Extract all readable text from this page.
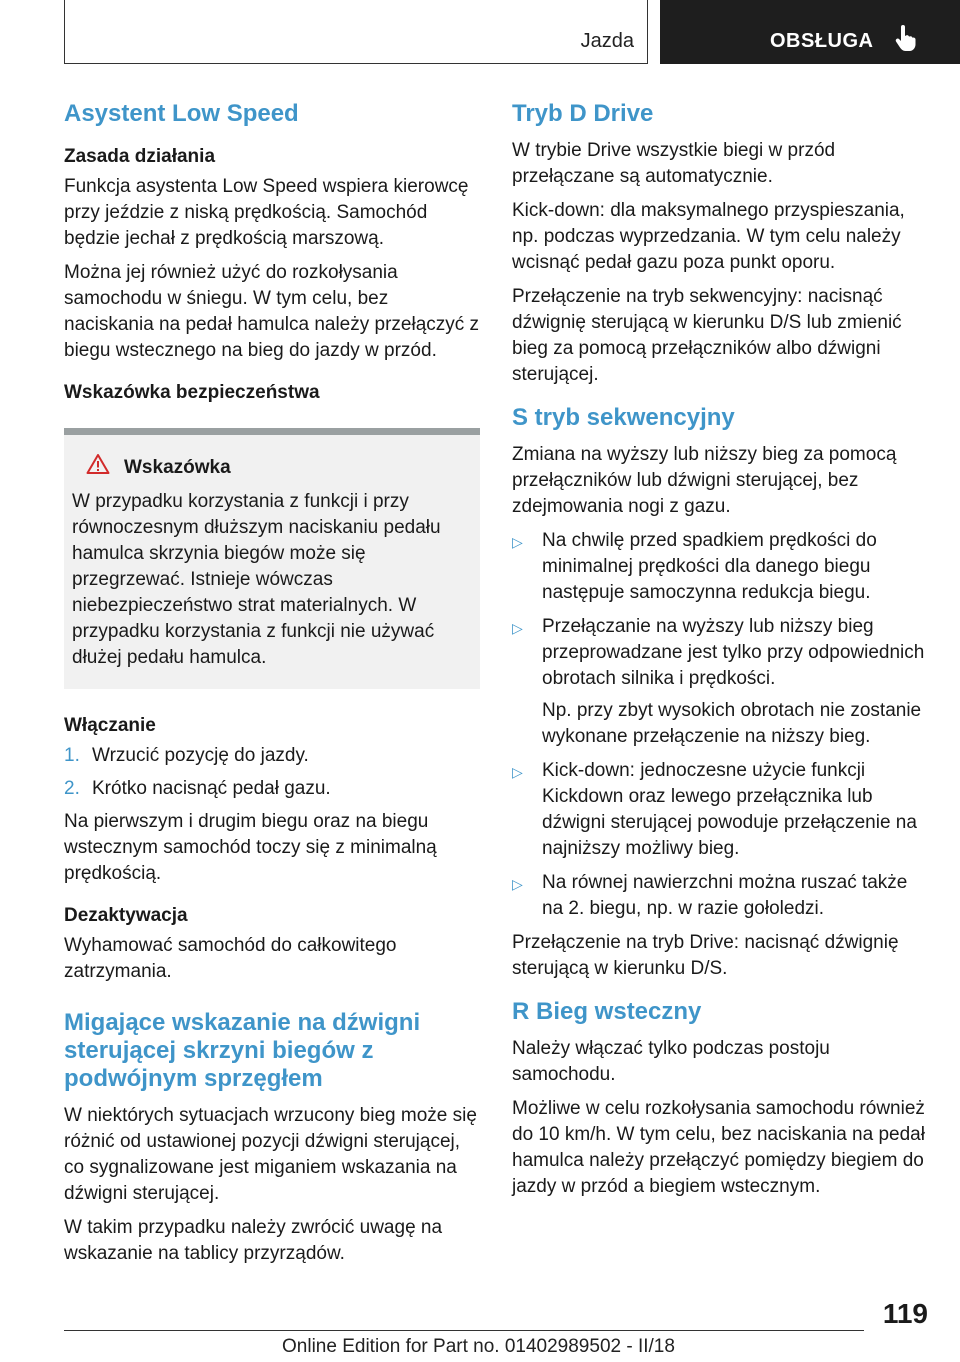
Jazda	OBSŁUGA
Asystent Low Speed
Zasada działania

Funkcja asystenta Low Speed wspiera kierowcę przy jeździe z niską prędkością. Samochód będzie jechał z prędkością marszową.

Można jej również użyć do rozkołysania samochodu w śniegu. W tym celu, bez naciskania na pedał hamulca należy przełączyć z biegu wstecznego na bieg do jazdy w przód.

Wskazówka bezpieczeństwa
Wskazówka

W przypadku korzystania z funkcji i przy równoczesnym dłuższym naciskaniu pedału hamulca skrzynia biegów może się przegrzewać. Istnieje wówczas niebezpieczeństwo strat materialnych. W przypadku korzystania z funkcji nie używać dłużej pedału hamulca.

Włączanie
1. Wrzucić pozycję do jazdy.
2. Krótko nacisnąć pedał gazu.

Na pierwszym i drugim biegu oraz na biegu wstecznym samochód toczy się z minimalną prędkością.

Dezaktywacja

Wyhamować samochód do całkowitego zatrzymania.

Migające wskazanie na dźwigni sterującej skrzyni biegów z podwójnym sprzęgłem

W niektórych sytuacjach wrzucony bieg może się różnić od ustawionej pozycji dźwigni sterującej, co sygnalizowane jest miganiem wskazania na dźwigni sterującej.

W takim przypadku należy zwrócić uwagę na wskazanie na tablicy przyrządów.

Tryb D Drive

W trybie Drive wszystkie biegi w przód przełączane są automatycznie.

Kick-down: dla maksymalnego przyspieszania, np. podczas wyprzedzania. W tym celu należy wcisnąć pedał gazu poza punkt oporu.

Przełączenie na tryb sekwencyjny: nacisnąć dźwignię sterującą w kierunku D/S lub zmienić bieg za pomocą przełączników albo dźwigni sterującej.

S tryb sekwencyjny

Zmiana na wyższy lub niższy bieg za pomocą przełączników lub dźwigni sterującej, bez zdejmowania nogi z gazu.

▷	Na chwilę przed spadkiem prędkości do minimalnej prędkości dla danego biegu następuje samoczynna redukcja biegu.

▷	Przełączanie na wyższy lub niższy bieg przeprowadzane jest tylko przy odpowiednich obrotach silnika i prędkości.

Np. przy zbyt wysokich obrotach nie zostanie wykonane przełączenie na niższy bieg.

▷	Kick-down: jednoczesne użycie funkcji Kickdown oraz lewego przełącznika lub dźwigni sterującej powoduje przełączenie na najniższy możliwy bieg.

▷	Na równej nawierzchni można ruszać także na 2. biegu, np. w razie gołoledzi.

Przełączenie na tryb Drive: nacisnąć dźwignię sterującą w kierunku D/S.

R Bieg wsteczny

Należy włączać tylko podczas postoju samochodu.

Możliwe w celu rozkołysania samochodu również do 10 km/h. W tym celu, bez naciskania na pedał hamulca należy przełączyć pomiędzy biegiem do jazdy w przód a biegiem wstecznym.

119
Online Edition for Part no. 01402989502 - II/18
